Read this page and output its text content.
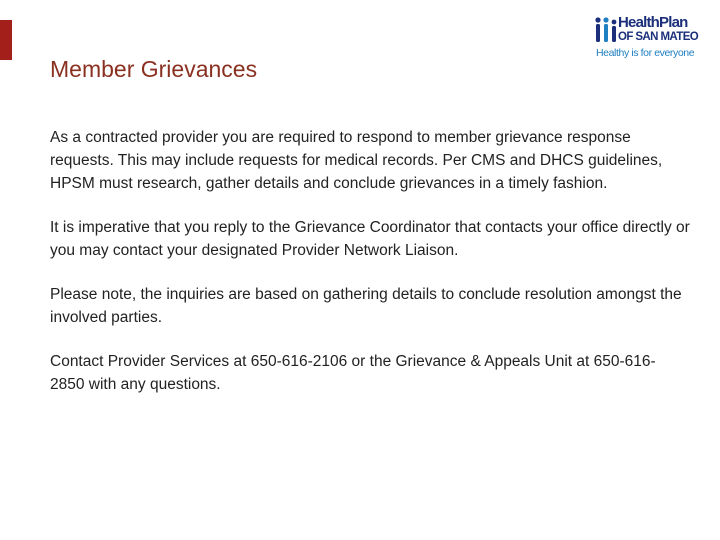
HealthPlan
OF SAN MATEO
Healthy is for everyone
Member Grievances

As a contracted provider you are required to respond to member grievance response requests. This may include requests for medical records. Per CMS and DHCS guidelines, HPSM must research, gather details and conclude grievances in a timely fashion.

It is imperative that you reply to the Grievance Coordinator that contacts your office directly or you may contact your designated Provider Network Liaison.

Please note, the inquiries are based on gathering details to conclude resolution amongst the involved parties.

Contact Provider Services at 650-616-2106 or the Grievance & Appeals Unit at 650-616-2850 with any questions.
